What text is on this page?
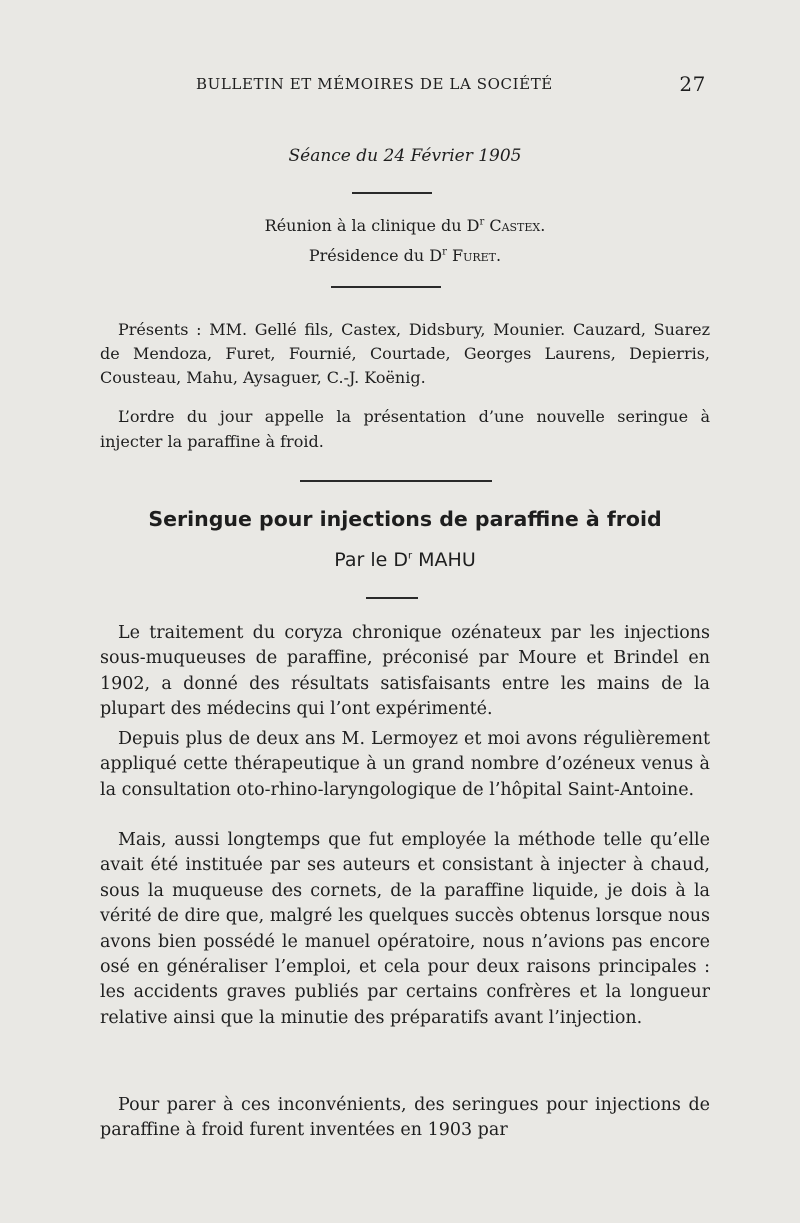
BULLETIN ET MÉMOIRES DE LA SOCIÉTÉ	27
Séance du 24 Février 1905
Réunion à la clinique du $D^r$ Castex.
Présidence du $D^r$ Furet.

Présents : MM. Gellé fils, Castex, Didsbury, Mounier. Cauzard, Suarez de Mendoza, Furet, Fournié, Courtade, Georges Laurens, Depierris, Cousteau, Mahu, Aysaguer, C.-J. Koënig.

L’ordre du jour appelle la présentation d’une nouvelle seringue à injecter la paraffine à froid.

Seringue pour injections de paraffine à froid
Par le $D^r$ MAHU

Le traitement du coryza chronique ozénateux par les injections sous-muqueuses de paraffine, préconisé par Moure et Brindel en 1902, a donné des résultats satisfaisants entre les mains de la plupart des médecins qui l’ont expérimenté.

Depuis plus de deux ans M. Lermoyez et moi avons régulièrement appliqué cette thérapeutique à un grand nombre d’ozéneux venus à la consultation oto-rhino-laryngologique de l’hôpital Saint-Antoine.

Mais, aussi longtemps que fut employée la méthode telle qu’elle avait été instituée par ses auteurs et consistant à injecter à chaud, sous la muqueuse des cornets, de la paraffine liquide, je dois à la vérité de dire que, malgré les quelques succès obtenus lorsque nous avons bien possédé le manuel opératoire, nous n’avions pas encore osé en généraliser l’emploi, et cela pour deux raisons principales : les accidents graves publiés par certains confrères et la longueur relative ainsi que la minutie des préparatifs avant l’injection.

Pour parer à ces inconvénients, des seringues pour injections de paraffine à froid furent inventées en 1903 par
